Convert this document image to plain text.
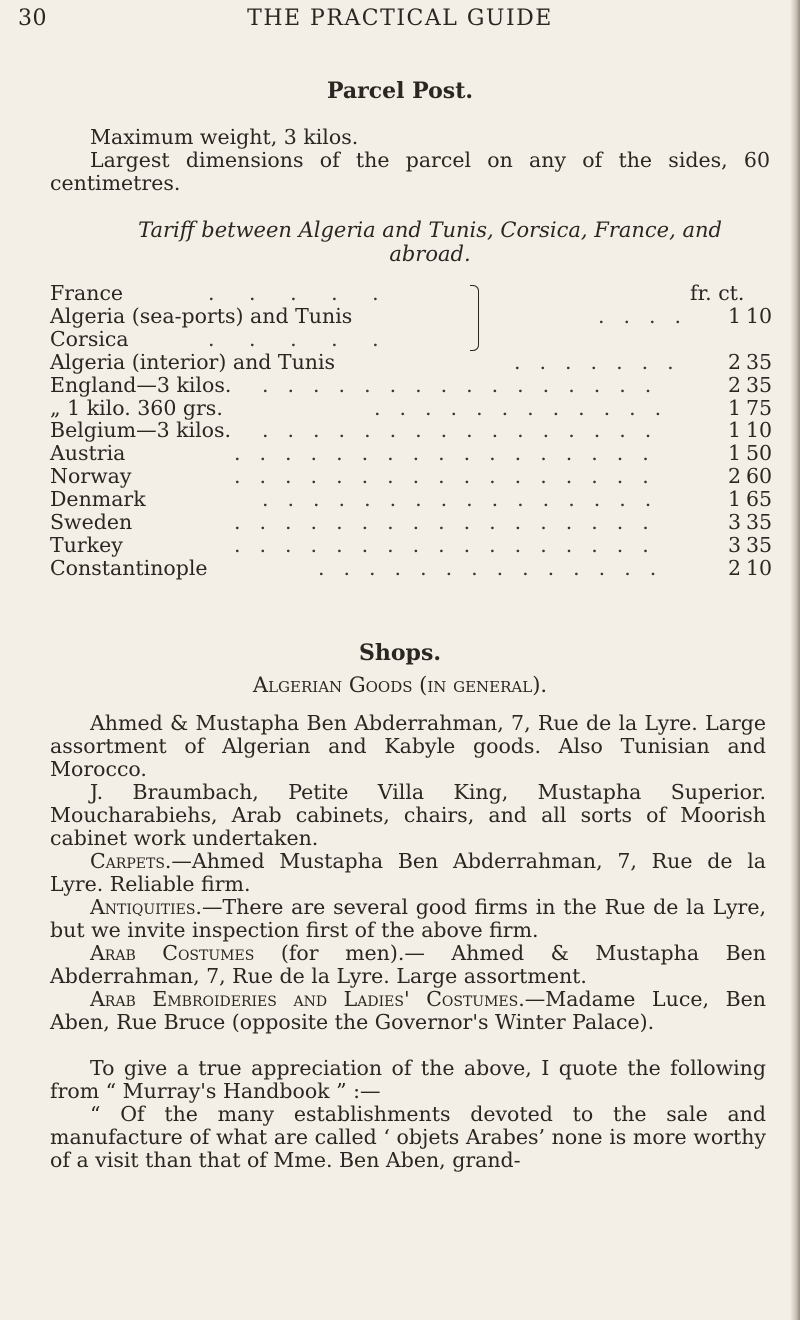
30	THE PRACTICAL GUIDE
Parcel Post.

Maximum weight, 3 kilos.

Largest dimensions of the parcel on any of the sides, 60 centimetres.

Tariff between Algeria and Tunis, Corsica, France, and
abroad.
fr. ct.
France	. . . . .
Algeria (sea-ports) and Tunis	....	1 10
Corsica	. . . . .
Algeria (interior) and Tunis	.......	2 35
England—3 kilos. ................	2 35
„ 1 kilo. 360 grs.	............	1 75
Belgium—3 kilos. ................	1 10
Austria	.................	1 50
Norway	.................	2 60
Denmark	................	1 65
Sweden	.................	3 35
Turkey	.................	3 35
Constantinople	..............	2 10
Shops.

Algerian Goods (in general).

Ahmed & Mustapha Ben Abderrahman, 7, Rue de la Lyre. Large assortment of Algerian and Kabyle goods. Also Tunisian and Morocco.

J. Braumbach, Petite Villa King, Mustapha Superior. Moucharabiehs, Arab cabinets, chairs, and all sorts of Moorish cabinet work undertaken.

Carpets.—Ahmed Mustapha Ben Abderrahman, 7, Rue de la Lyre. Reliable firm.

Antiquities.—There are several good firms in the Rue de la Lyre, but we invite inspection first of the above firm.

Arab Costumes (for men).— Ahmed & Mustapha Ben Abderrahman, 7, Rue de la Lyre. Large assortment.

Arab Embroideries and Ladies' Costumes.—Madame Luce, Ben Aben, Rue Bruce (opposite the Governor's Winter Palace).

To give a true appreciation of the above, I quote the following from “ Murray's Handbook ” :—

“ Of the many establishments devoted to the sale and manufacture of what are called ‘ objets Arabes’ none is more worthy of a visit than that of Mme. Ben Aben, grand-
